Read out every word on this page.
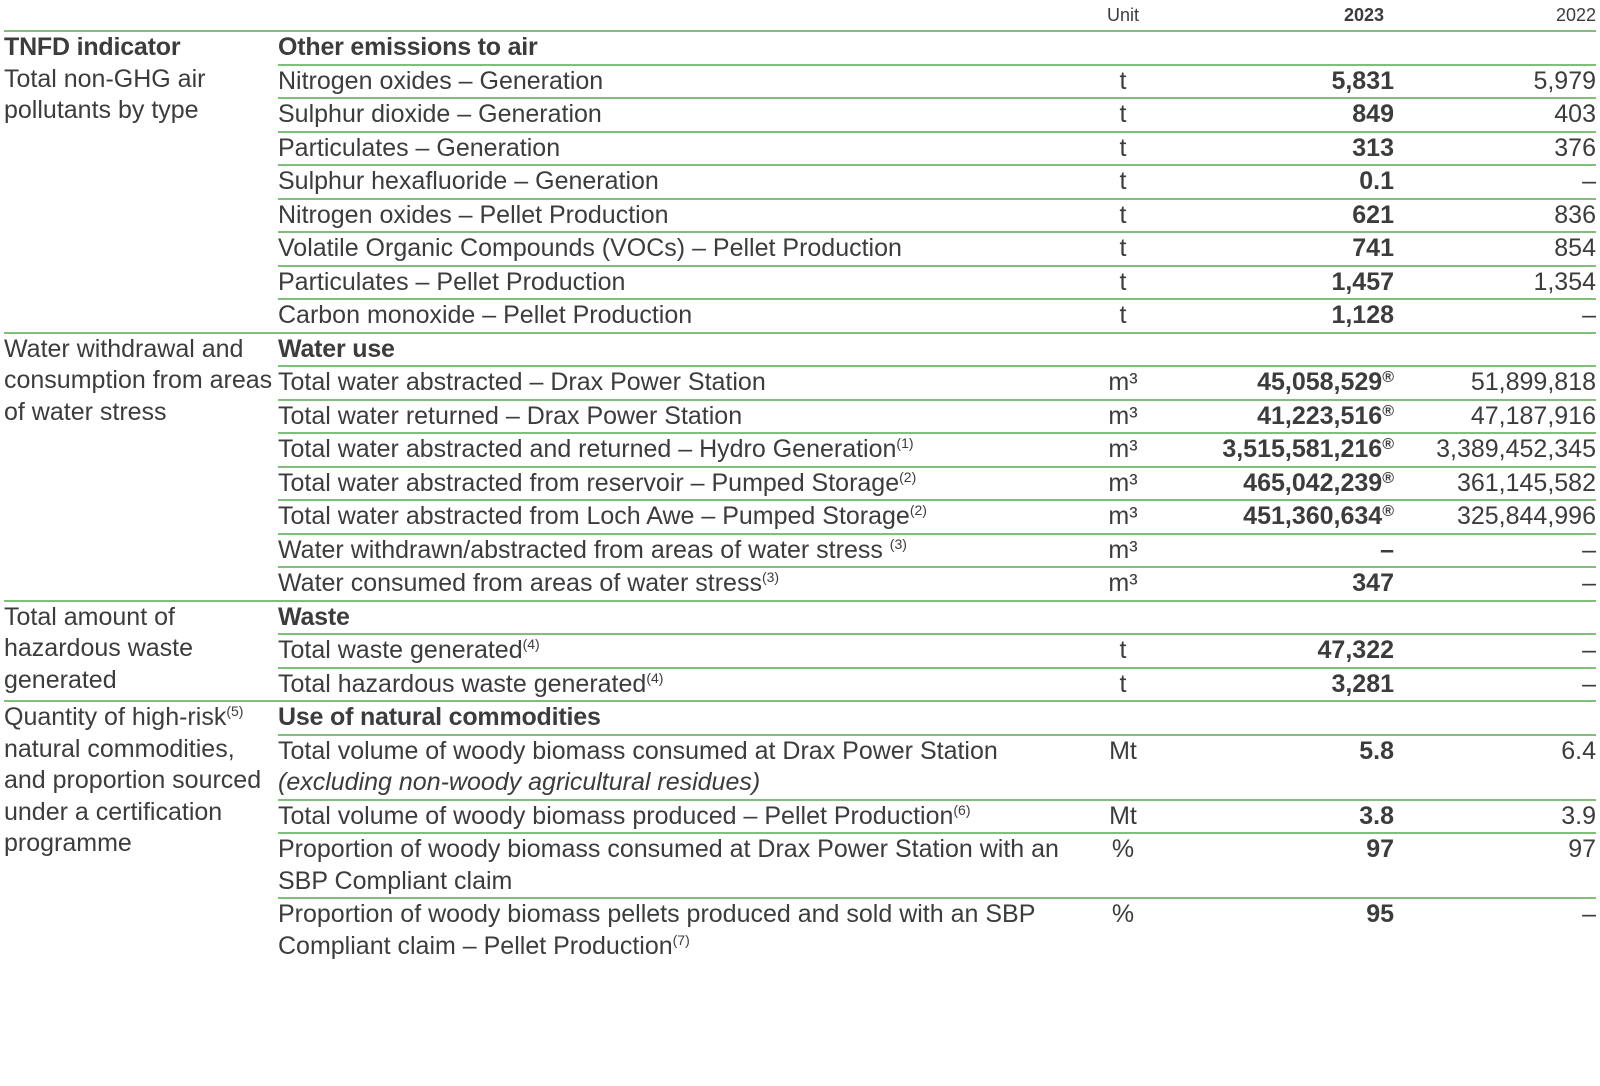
		Unit	2023	2022

TNFD indicator
Total non-GHG air pollutants by type	Other emissions to air			
	Nitrogen oxides – Generation	t	5,831	5,979
	Sulphur dioxide – Generation	t	849	403
	Particulates – Generation	t	313	376
	Sulphur hexafluoride – Generation	t	0.1	–
	Nitrogen oxides – Pellet Production	t	621	836
	Volatile Organic Compounds (VOCs) – Pellet Production	t	741	854
	Particulates – Pellet Production	t	1,457	1,354
	Carbon monoxide – Pellet Production	t	1,128	–

Water withdrawal and consumption from areas of water stress	Water use			
	Total water abstracted – Drax Power Station	m³	45,058,529®	51,899,818
	Total water returned – Drax Power Station	m³	41,223,516®	47,187,916
	Total water abstracted and returned – Hydro Generation$^{(1)}$	m³	3,515,581,216®	3,389,452,345
	Total water abstracted from reservoir – Pumped Storage$^{(2)}$	m³	465,042,239®	361,145,582
	Total water abstracted from Loch Awe – Pumped Storage$^{(2)}$	m³	451,360,634®	325,844,996
	Water withdrawn/abstracted from areas of water stress $^{(3)}$	m³	–	–
	Water consumed from areas of water stress$^{(3)}$	m³	347	–

Total amount of hazardous waste generated	Waste			
	Total waste generated$^{(4)}$	t	47,322	–
	Total hazardous waste generated$^{(4)}$	t	3,281	–

Quantity of high-risk$^{(5)}$ natural commodities, and proportion sourced under a certification programme	Use of natural commodities			
	Total volume of woody biomass consumed at Drax Power Station (excluding non-woody agricultural residues)	Mt	5.8	6.4
	Total volume of woody biomass produced – Pellet Production$^{(6)}$	Mt	3.8	3.9
	Proportion of woody biomass consumed at Drax Power Station with an SBP Compliant claim	%	97	97
	Proportion of woody biomass pellets produced and sold with an SBP Compliant claim – Pellet Production$^{(7)}$	%	95	–
